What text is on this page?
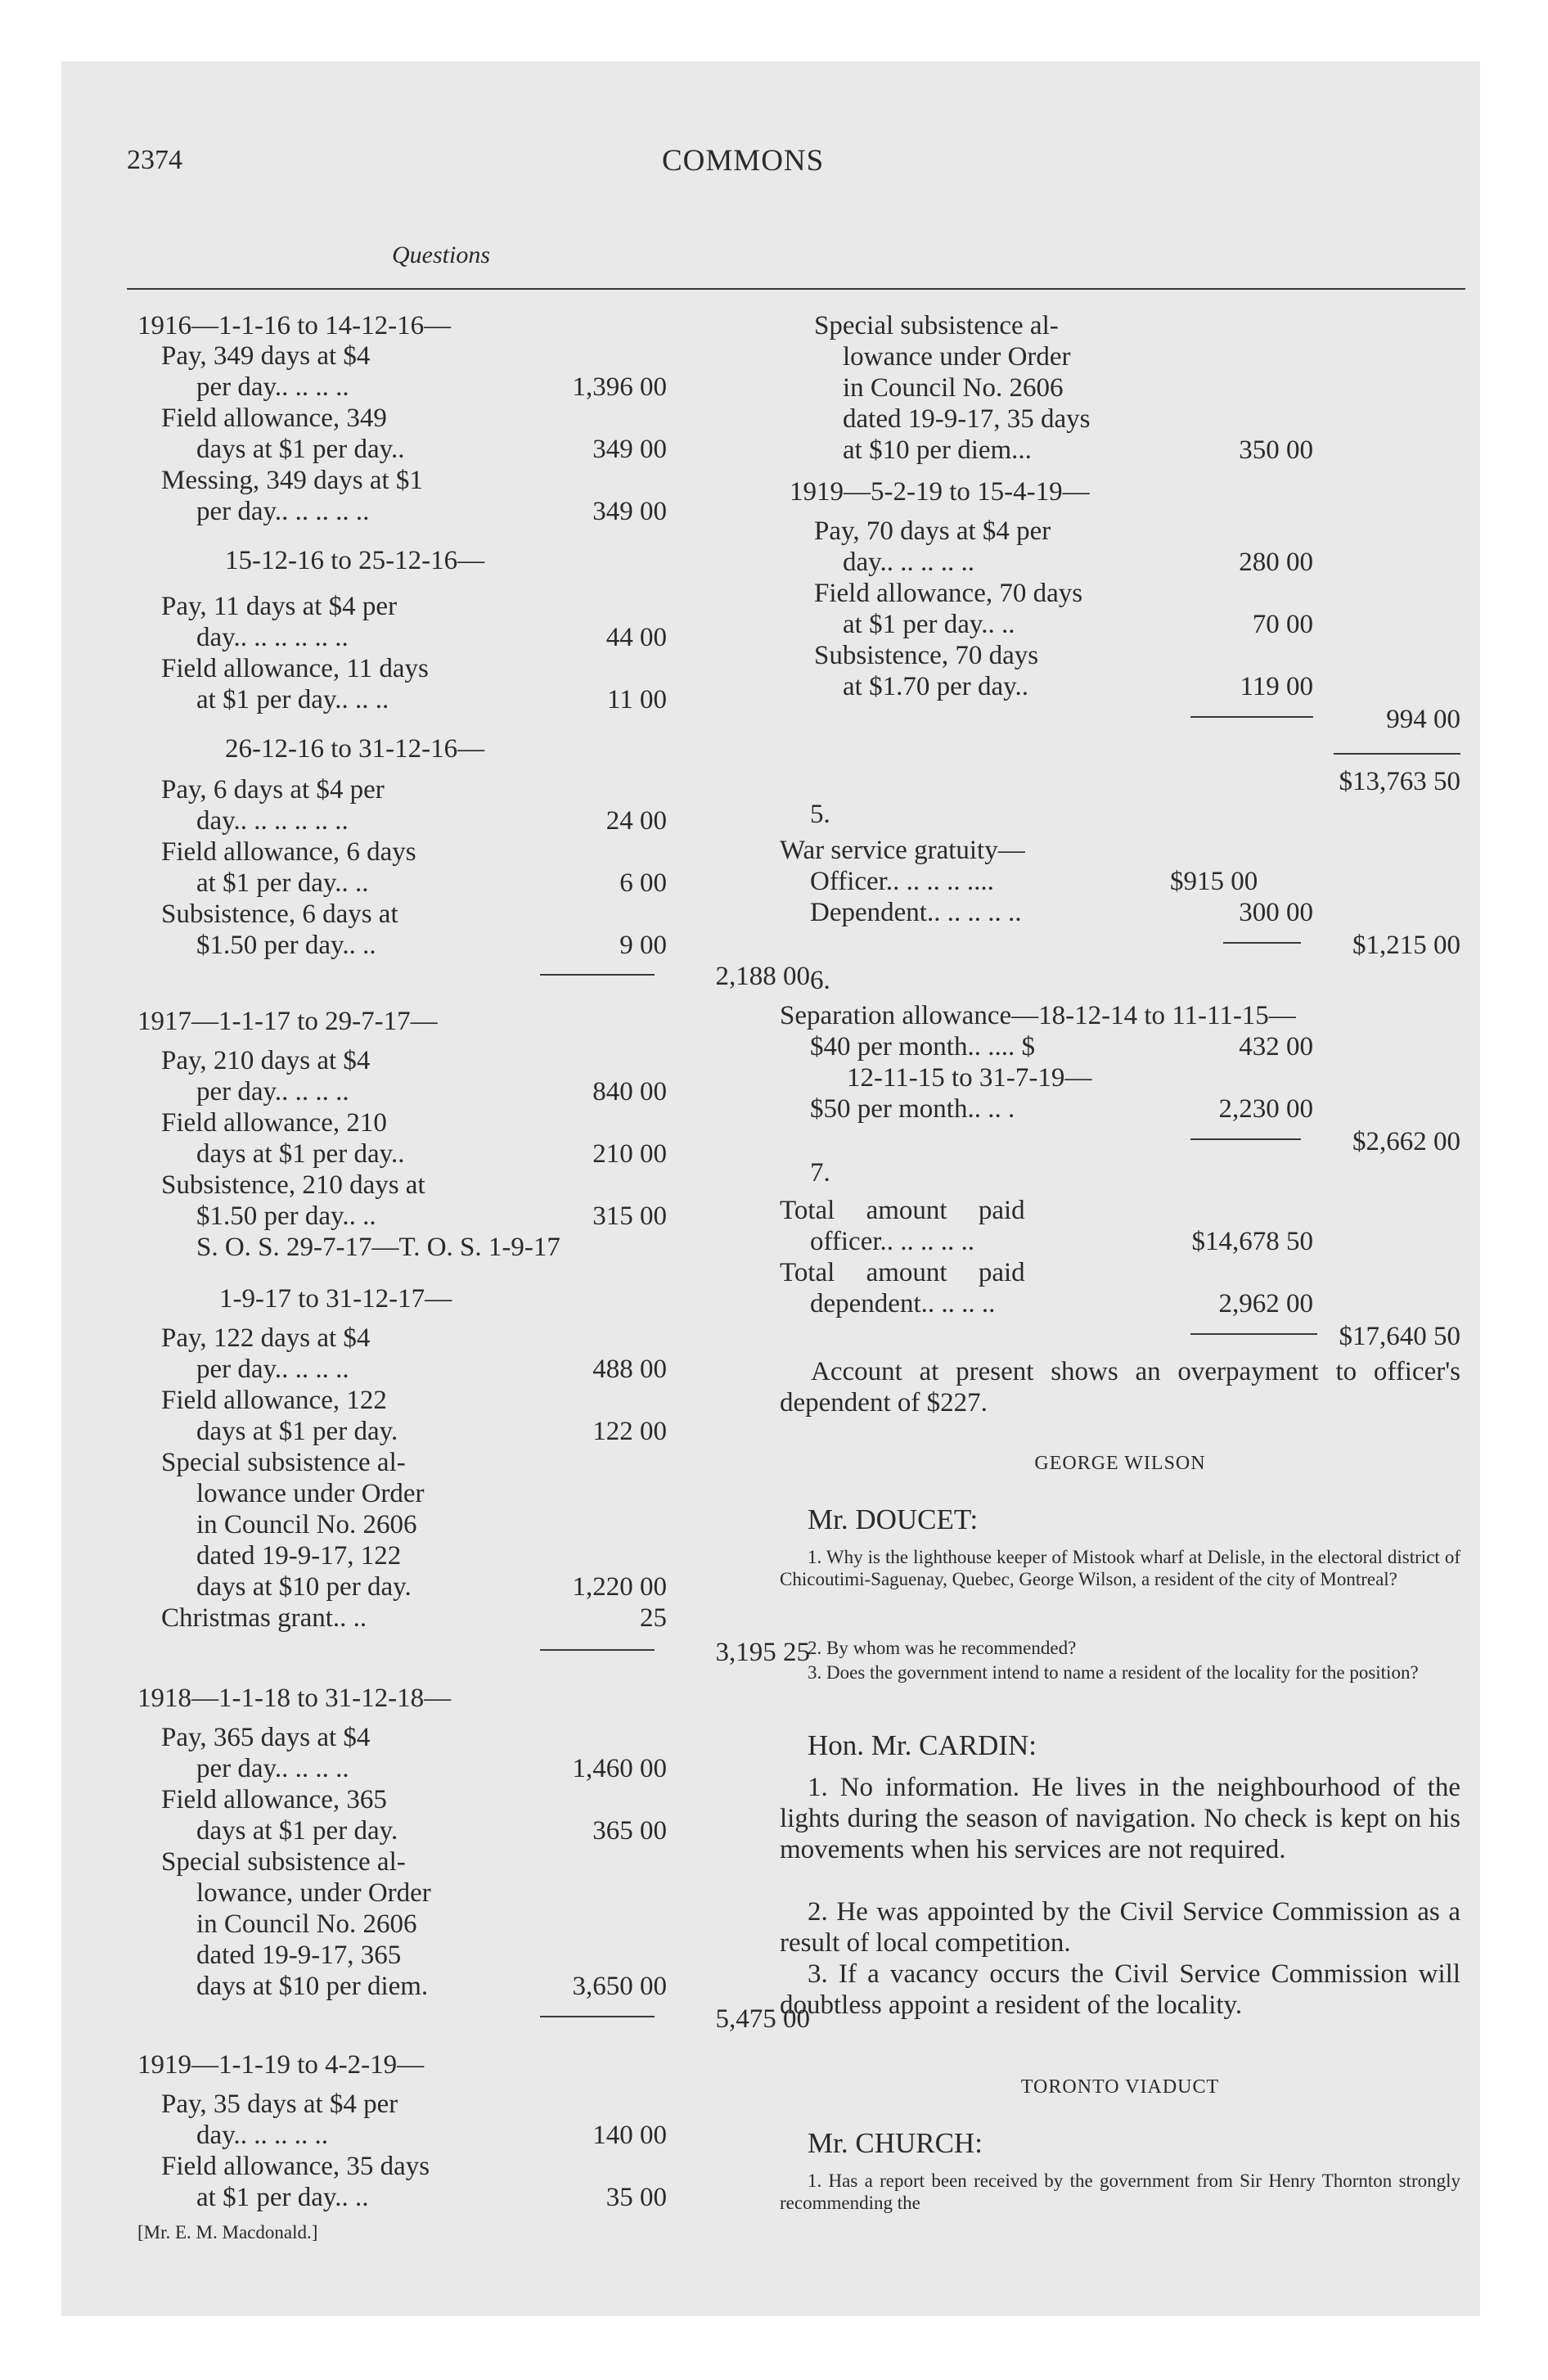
2374
Questions
COMMONS
1916—1-1-16 to 14-12-16—
Pay, 349 days at $4
per day.. .. .. ..	1,396 00
Field allowance, 349
days at $1 per day..	349 00
Messing, 349 days at $1
per day.. .. .. .. ..	349 00
15-12-16 to 25-12-16—
Pay, 11 days at $4 per
day.. .. .. .. .. ..	44 00
Field allowance, 11 days
at $1 per day.. .. ..	11 00
26-12-16 to 31-12-16—
Pay, 6 days at $4 per
day.. .. .. .. .. ..	24 00
Field allowance, 6 days
at $1 per day.. ..	6 00
Subsistence, 6 days at
$1.50 per day.. ..	9 00
2,188 00
1917—1-1-17 to 29-7-17—
Pay, 210 days at $4
per day.. .. .. ..	840 00
Field allowance, 210
days at $1 per day..	210 00
Subsistence, 210 days at
$1.50 per day.. ..	315 00
S. O. S. 29-7-17—T. O. S. 1-9-17
1-9-17 to 31-12-17—
Pay, 122 days at $4
per day.. .. .. ..	488 00
Field allowance, 122
days at $1 per day.	122 00
Special subsistence al-
lowance under Order
in Council No. 2606
dated 19-9-17, 122
days at $10 per day.	1,220 00
Christmas grant.. ..	25
3,195 25
1918—1-1-18 to 31-12-18—
Pay, 365 days at $4
per day.. .. .. ..	1,460 00
Field allowance, 365
days at $1 per day.	365 00
Special subsistence al-
lowance, under Order
in Council No. 2606
dated 19-9-17, 365
days at $10 per diem.	3,650 00
5,475 00
1919—1-1-19 to 4-2-19—
Pay, 35 days at $4 per
day.. .. .. .. ..	140 00
Field allowance, 35 days
at $1 per day.. ..	35 00
[Mr. E. M. Macdonald.]
Special subsistence al-
lowance under Order
in Council No. 2606
dated 19-9-17, 35 days
at $10 per diem...	350 00
1919—5-2-19 to 15-4-19—
Pay, 70 days at $4 per
day.. .. .. .. ..	280 00
Field allowance, 70 days
at $1 per day.. ..	70 00
Subsistence, 70 days
at $1.70 per day..	119 00
994 00
$13,763 50
5.
War service gratuity—
Officer.. .. .. .. ....	$915 00
Dependent.. .. .. .. ..	300 00
$1,215 00
6.
Separation allowance—18-12-14 to 11-11-15—
$40 per month.. .... $	432 00
12-11-15 to 31-7-19—
$50 per month.. .. .	2,230 00
$2,662 00
7.
Total amount paid
officer.. .. .. .. ..	$14,678 50
Total amount paid
dependent.. .. .. ..	2,962 00
$17,640 50
Account at present shows an overpayment to officer's dependent of $227.
GEORGE WILSON
Mr. DOUCET:
1. Why is the lighthouse keeper of Mistook wharf at Delisle, in the electoral district of Chicoutimi-Saguenay, Quebec, George Wilson, a resident of the city of Montreal?
2. By whom was he recommended?
3. Does the government intend to name a resident of the locality for the position?
Hon. Mr. CARDIN:
1. No information. He lives in the neighbourhood of the lights during the season of navigation. No check is kept on his movements when his services are not required.
2. He was appointed by the Civil Service Commission as a result of local competition.
3. If a vacancy occurs the Civil Service Commission will doubtless appoint a resident of the locality.
TORONTO VIADUCT
Mr. CHURCH:
1. Has a report been received by the government from Sir Henry Thornton strongly recommending the
